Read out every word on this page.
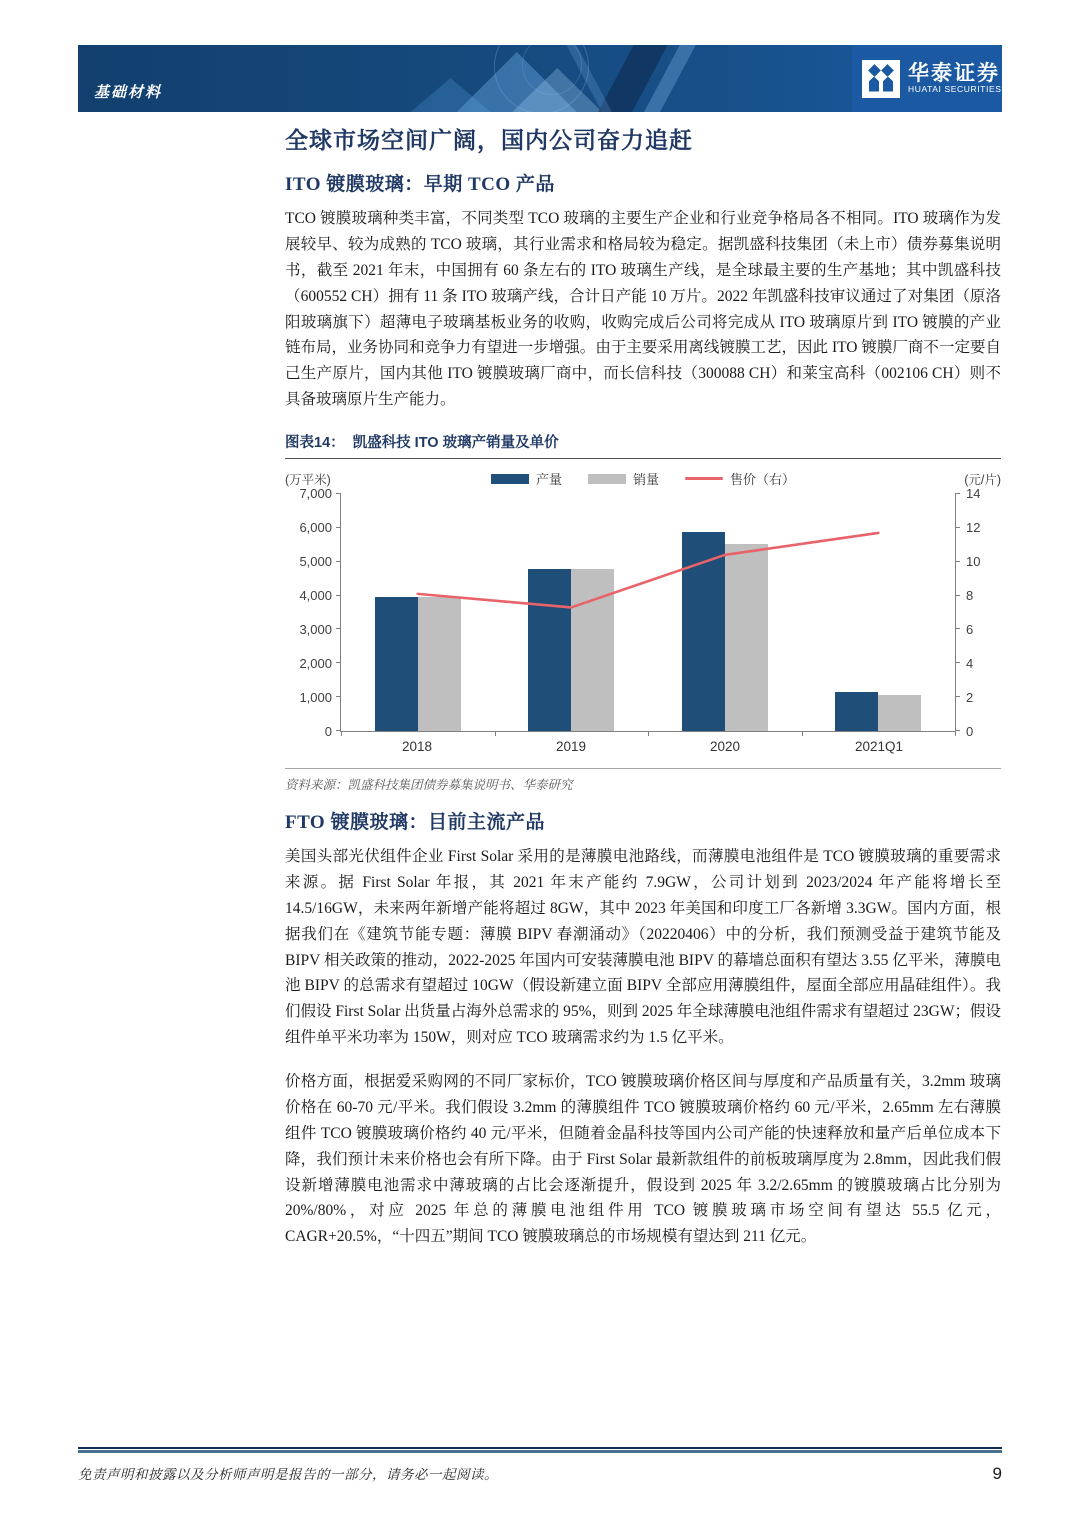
基础材料
华泰证券
HUATAI SECURITIES
全球市场空间广阔，国内公司奋力追赶
ITO 镀膜玻璃：早期 TCO 产品

TCO 镀膜玻璃种类丰富，不同类型 TCO 玻璃的主要生产企业和行业竞争格局各不相同。ITO 玻璃作为发展较早、较为成熟的 TCO 玻璃，其行业需求和格局较为稳定。据凯盛科技集团（未上市）债券募集说明书，截至 2021 年末，中国拥有 60 条左右的 ITO 玻璃生产线，是全球最主要的生产基地；其中凯盛科技（600552 CH）拥有 11 条 ITO 玻璃产线，合计日产能 10 万片。2022 年凯盛科技审议通过了对集团（原洛阳玻璃旗下）超薄电子玻璃基板业务的收购，收购完成后公司将完成从 ITO 玻璃原片到 ITO 镀膜的产业链布局，业务协同和竞争力有望进一步增强。由于主要采用离线镀膜工艺，因此 ITO 镀膜厂商不一定要自己生产原片，国内其他 ITO 镀膜玻璃厂商中，而长信科技（300088 CH）和莱宝高科（002106 CH）则不具备玻璃原片生产能力。

图表14： 凯盛科技 ITO 玻璃产销量及单价
(万平米)	产量	销量	售价（右）	(元/片)
0
1,000
2,000
3,000
4,000
5,000
6,000
7,000
0
2
4
6
8
10
12
14
2018	2019	2020	2021Q1
资料来源：凯盛科技集团债券募集说明书、华泰研究
FTO 镀膜玻璃：目前主流产品

美国头部光伏组件企业 First Solar 采用的是薄膜电池路线，而薄膜电池组件是 TCO 镀膜玻璃的重要需求来源。据 First Solar 年报，其 2021 年末产能约 7.9GW，公司计划到 2023/2024 年产能将增长至 14.5/16GW，未来两年新增产能将超过 8GW，其中 2023 年美国和印度工厂各新增 3.3GW。国内方面，根据我们在《建筑节能专题：薄膜 BIPV 春潮涌动》（20220406）中的分析，我们预测受益于建筑节能及 BIPV 相关政策的推动，2022-2025 年国内可安装薄膜电池 BIPV 的幕墙总面积有望达 3.55 亿平米，薄膜电池 BIPV 的总需求有望超过 10GW（假设新建立面 BIPV 全部应用薄膜组件，屋面全部应用晶硅组件）。我们假设 First Solar 出货量占海外总需求的 95%，则到 2025 年全球薄膜电池组件需求有望超过 23GW；假设组件单平米功率为 150W，则对应 TCO 玻璃需求约为 1.5 亿平米。

价格方面，根据爱采购网的不同厂家标价，TCO 镀膜玻璃价格区间与厚度和产品质量有关，3.2mm 玻璃价格在 60-70 元/平米。我们假设 3.2mm 的薄膜组件 TCO 镀膜玻璃价格约 60 元/平米，2.65mm 左右薄膜组件 TCO 镀膜玻璃价格约 40 元/平米，但随着金晶科技等国内公司产能的快速释放和量产后单位成本下降，我们预计未来价格也会有所下降。由于 First Solar 最新款组件的前板玻璃厚度为 2.8mm，因此我们假设新增薄膜电池需求中薄玻璃的占比会逐渐提升，假设到 2025 年 3.2/2.65mm 的镀膜玻璃占比分别为 20%/80%，对应 2025 年总的薄膜电池组件用 TCO 镀膜玻璃市场空间有望达 55.5 亿元，CAGR+20.5%，“十四五”期间 TCO 镀膜玻璃总的市场规模有望达到 211 亿元。

免责声明和披露以及分析师声明是报告的一部分，请务必一起阅读。	9
